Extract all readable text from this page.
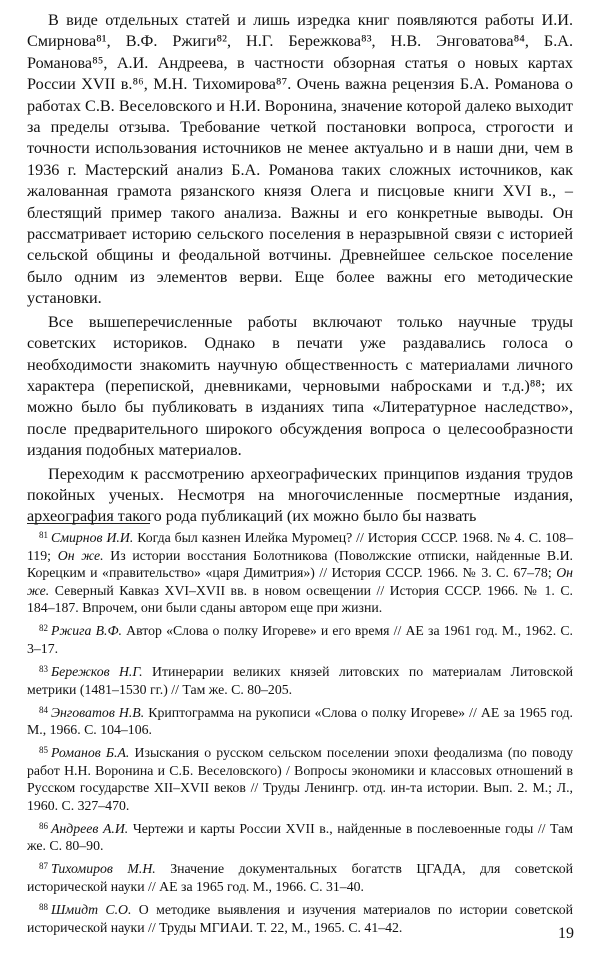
В виде отдельных статей и лишь изредка книг появляются работы И.И. Смирнова⁸¹, В.Ф. Ржиги⁸², Н.Г. Бережкова⁸³, Н.В. Энговатова⁸⁴, Б.А. Романова⁸⁵, А.И. Андреева, в частности обзорная статья о новых картах России XVII в.⁸⁶, М.Н. Тихомирова⁸⁷. Очень важна рецензия Б.А. Романова о работах С.В. Веселовского и Н.И. Воронина, значение которой далеко выходит за пределы отзыва. Требование четкой постановки вопроса, строгости и точности использования источников не менее актуально и в наши дни, чем в 1936 г. Мастерский анализ Б.А. Романова таких сложных источников, как жалованная грамота рязанского князя Олега и писцовые книги XVI в., – блестящий пример такого анализа. Важны и его конкретные выводы. Он рассматривает историю сельского поселения в неразрывной связи с историей сельской общины и феодальной вотчины. Древнейшее сельское поселение было одним из элементов верви. Еще более важны его методические установки.

Все вышеперечисленные работы включают только научные труды советских историков. Однако в печати уже раздавались голоса о необходимости знакомить научную общественность с материалами личного характера (перепиской, дневниками, черновыми набросками и т.д.)⁸⁸; их можно было бы публиковать в изданиях типа «Литературное наследство», после предварительного широкого обсуждения вопроса о целесообразности издания подобных материалов.

Переходим к рассмотрению археографических принципов издания трудов покойных ученых. Несмотря на многочисленные посмертные издания, археография такого рода публикаций (их можно было бы назвать

$^{81}$ Смирнов И.И. Когда был казнен Илейка Муромец? // История СССР. 1968. № 4. С. 108–119; Он же. Из истории восстания Болотникова (Поволжские отписки, найденные В.И. Корецким и «правительство» «царя Димитрия») // История СССР. 1966. № 3. С. 67–78; Он же. Северный Кавказ XVI–XVII вв. в новом освещении // История СССР. 1966. № 1. С. 184–187. Впрочем, они были сданы автором еще при жизни.
$^{82}$ Ржига В.Ф. Автор «Слова о полку Игореве» и его время // АЕ за 1961 год. М., 1962. С. 3–17.
$^{83}$ Бережков Н.Г. Итинерарии великих князей литовских по материалам Литовской метрики (1481–1530 гг.) // Там же. С. 80–205.
$^{84}$ Энговатов Н.В. Криптограмма на рукописи «Слова о полку Игореве» // АЕ за 1965 год. М., 1966. С. 104–106.
$^{85}$ Романов Б.А. Изыскания о русском сельском поселении эпохи феодализма (по поводу работ Н.Н. Воронина и С.Б. Веселовского) / Вопросы экономики и классовых отношений в Русском государстве XII–XVII веков // Труды Ленингр. отд. ин-та истории. Вып. 2. М.; Л., 1960. С. 327–470.
$^{86}$ Андреев А.И. Чертежи и карты России XVII в., найденные в послевоенные годы // Там же. С. 80–90.
$^{87}$ Тихомиров М.Н. Значение документальных богатств ЦГАДА, для советской исторической науки // АЕ за 1965 год. М., 1966. С. 31–40.
$^{88}$ Шмидт С.О. О методике выявления и изучения материалов по истории советской исторической науки // Труды МГИАИ. Т. 22, М., 1965. С. 41–42.	19
